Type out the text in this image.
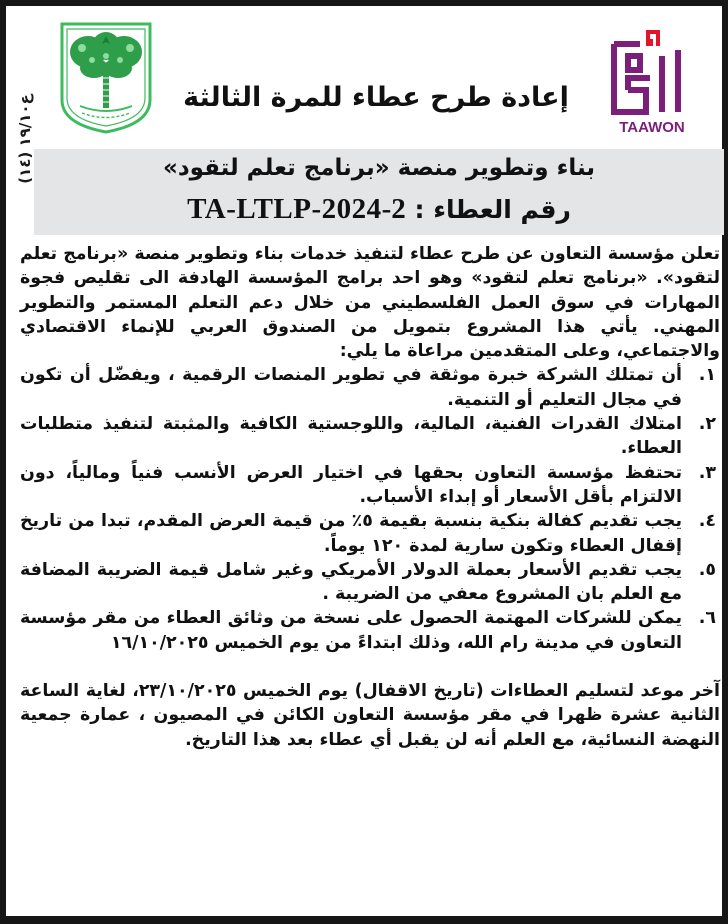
ع١٩/١٠ (١٤)	إعادة طرح عطاء للمرة الثالثة
TAAWON
بناء وتطوير منصة «برنامج تعلم لتقود»
رقم العطاء : 2-TA-LTLP-2024

تعلن مؤسسة التعاون عن طرح عطاء لتنفيذ خدمات بناء وتطوير منصة «برنامج تعلم لتقود». «برنامج تعلم لتقود» وهو احد برامج المؤسسة الهادفة الى تقليص فجوة المهارات في سوق العمل الفلسطيني من خلال دعم التعلم المستمر والتطوير المهني. يأتي هذا المشروع بتمويل من الصندوق العربي للإنماء الاقتصادي والاجتماعي، وعلى المتقدمين مراعاة ما يلي:

١.

أن تمتلك الشركة خبرة موثقة في تطوير المنصات الرقمية ، ويفضّل أن تكون في مجال التعليم أو التنمية.

٢.

امتلاك القدرات الفنية، المالية، واللوجستية الكافية والمثبتة لتنفيذ متطلبات العطاء.

٣.

تحتفظ مؤسسة التعاون بحقها في اختيار العرض الأنسب فنياً ومالياً، دون الالتزام بأقل الأسعار أو إبداء الأسباب.

٤.

يجب تقديم كفالة بنكية بنسبة بقيمة ٥٪ من قيمة العرض المقدم، تبدا من تاريخ إقفال العطاء وتكون سارية لمدة ١٢٠ يوماً.

٥.

يجب تقديم الأسعار بعملة الدولار الأمريكي وغير شامل قيمة الضريبة المضافة مع العلم بان المشروع معفي من الضريبة .

٦.

يمكن للشركات المهتمة الحصول على نسخة من وثائق العطاء من مقر مؤسسة التعاون في مدينة رام الله، وذلك ابتداءً من يوم الخميس ١٦/١٠/٢٠٢٥

آخر موعد لتسليم العطاءات (تاريخ الاقفال) يوم الخميس ٢٣/١٠/٢٠٢٥، لغاية الساعة الثانية عشرة ظهرا في مقر مؤسسة التعاون الكائن في المصيون ، عمارة جمعية النهضة النسائية، مع العلم أنه لن يقبل أي عطاء بعد هذا التاريخ.
